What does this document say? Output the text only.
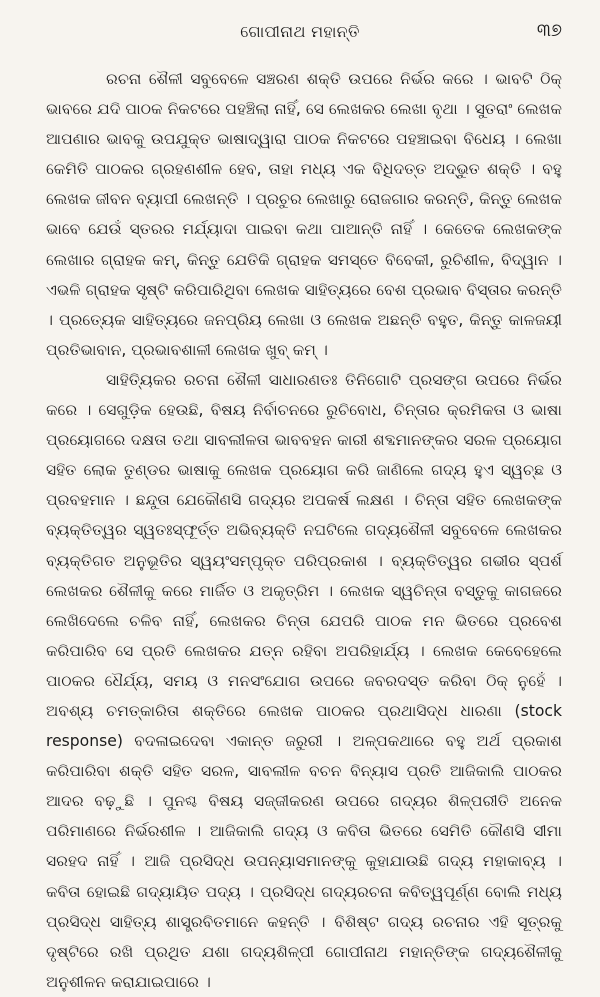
ଗୋପୀନାଥ ମହାନ୍ତି	୩୭

ରଚନା ଶୈଳୀ ସବୁବେଳେ ସଞ୍ଚରଣ ଶକ୍ତି ଉପରେ ନିର୍ଭର କରେ । ଭାବଟି ଠିକ୍ ଭାବରେ ଯଦି ପାଠକ ନିକଟରେ ପହଞ୍ଚିଲା ନାହିଁ, ସେ ଲେଖକର ଲେଖା ବୃଥା । ସୁତରାଂ ଲେଖକ ଆପଣାର ଭାବକୁ ଉପଯୁକ୍ତ ଭାଷାଦ୍ୱାରା ପାଠକ ନିକଟରେ ପହଞ୍ଚାଇବା ବିଧେୟ । ଲେଖା କେମିତି ପାଠକର ଗ୍ରହଣଶୀଳ ହେବ, ତାହା ମଧ୍ୟ ଏକ ବିଧିଦତ୍ତ ଅଦ୍ଭୁତ ଶକ୍ତି । ବହୁ ଲେଖକ ଜୀବନ ବ୍ୟାପୀ ଲେଖନ୍ତି । ପ୍ରଚୁର ଲେଖାରୁ ରୋଜଗାର କରନ୍ତି, କିନ୍ତୁ ଲେଖକ ଭାବେ ଯେଉଁ ସ୍ତରର ମର୍ଯ୍ୟାଦା ପାଇବା କଥା ପାଆନ୍ତି ନାହିଁ । କେତେକ ଲେଖକଙ୍କ ଲେଖାର ଗ୍ରାହକ କମ୍, କିନ୍ତୁ ଯେତିକି ଗ୍ରାହକ ସମସ୍ତେ ବିବେକୀ, ରୁଚିଶୀଳ, ବିଦ୍ୱାନ । ଏଭଳି ଗ୍ରାହକ ସୃଷ୍ଟି କରିପାରିଥିବା ଲେଖକ ସାହିତ୍ୟରେ ବେଶ ପ୍ରଭାବ ବିସ୍ତାର କରନ୍ତି । ପ୍ରତ୍ୟେକ ସାହିତ୍ୟରେ ଜନପ୍ରିୟ ଲେଖା ଓ ଲେଖକ ଅଛନ୍ତି ବହୁତ, କିନ୍ତୁ କାଳଜୟୀ ପ୍ରତିଭାବାନ, ପ୍ରଭାବଶାଳୀ ଲେଖକ ଖୁବ୍ କମ୍ ।

ସାହିତ୍ୟିକର ରଚନା ଶୈଳୀ ସାଧାରଣତଃ ତିନିଗୋଟି ପ୍ରସଙ୍ଗ ଉପରେ ନିର୍ଭର କରେ । ସେଗୁଡ଼ିକ ହେଉଛି, ବିଷୟ ନିର୍ବାଚନରେ ରୁଚିବୋଧ, ଚିନ୍ତାର କ୍ରମିକତା ଓ ଭାଷା ପ୍ରୟୋଗରେ ଦକ୍ଷତା ତଥା ସାବଲୀଳତା ଭାବବହନ କାରୀ ଶବ୍ଦମାନଙ୍କର ସରଳ ପ୍ରୟୋଗ ସହିତ ଲୋକ ତୁଣ୍ଡର ଭାଷାକୁ ଲେଖକ ପ୍ରୟୋଗ କରି ଜାଣିଲେ ଗଦ୍ୟ ହୁଏ ସ୍ୱଚ୍ଛ ଓ ପ୍ରବହମାନ । ଛନ୍ଦୁତା ଯେକୌଣସି ଗଦ୍ୟର ଅପକର୍ଷ ଲକ୍ଷଣ । ଚିନ୍ତା ସହିତ ଲେଖକଙ୍କ ବ୍ୟକ୍ତିତ୍ୱର ସ୍ୱତଃସ୍ଫୂର୍ତ୍ତ ଅଭିବ୍ୟକ୍ତି ନଘଟିଲେ ଗଦ୍ୟଶୈଳୀ ସବୁବେଳେ ଲେଖକର ବ୍ୟକ୍ତିଗତ ଅନୁଭୂତିର ସ୍ୱୟଂସମ୍ପୃକ୍ତ ପରିପ୍ରକାଶ । ବ୍ୟକ୍ତିତ୍ୱର ଗଭୀର ସ୍ପର୍ଶ ଲେଖକର ଶୈଳୀକୁ କରେ ମାର୍ଜିତ ଓ ଅକୃତ୍ରିମ । ଲେଖକ ସ୍ୱଚିନ୍ତା ବସ୍ତୁକୁ କାଗଜରେ ଲେଖିଦେଲେ ଚଳିବ ନାହିଁ, ଲେଖକର ଚିନ୍ତା ଯେପରି ପାଠକ ମନ ଭିତରେ ପ୍ରବେଶ କରିପାରିବ ସେ ପ୍ରତି ଲେଖକର ଯତ୍ନ ରହିବା ଅପରିହାର୍ଯ୍ୟ । ଲେଖକ କେବେହେଲେ ପାଠକର ଧୈର୍ଯ୍ୟ, ସମୟ ଓ ମନସଂଯୋଗ ଉପରେ ଜବରଦସ୍ତ କରିବା ଠିକ୍ ନୁହେଁ । ଅବଶ୍ୟ ଚମତ୍କାରିତା ଶକ୍ତିରେ ଲେଖକ ପାଠକର ପ୍ରଥାସିଦ୍ଧ ଧାରଣା (stock response) ବଦଳାଇଦେବା ଏକାନ୍ତ ଜରୁରୀ । ଅଳ୍ପକଥାରେ ବହୁ ଅର୍ଥ ପ୍ରକାଶ କରିପାରିବା ଶକ୍ତି ସହିତ ସରଳ, ସାବଲୀଳ ବଚନ ବିନ୍ୟାସ ପ୍ରତି ଆଜିକାଲି ପାଠକର ଆଦର ବଢ଼ୁଛି । ପୁନଶ୍ଚ ବିଷୟ ସଜ୍ଜୀକରଣ ଉପରେ ଗଦ୍ୟର ଶିଳ୍ପରୀତି ଅନେକ ପରିମାଣରେ ନିର୍ଭରଶୀଳ । ଆଜିକାଲି ଗଦ୍ୟ ଓ କବିତା ଭିତରେ ସେମିତି କୌଣସି ସୀମା ସରହଦ ନାହିଁ । ଆଜି ପ୍ରସିଦ୍ଧ ଉପନ୍ୟାସମାନଙ୍କୁ କୁହାଯାଉଛି ଗଦ୍ୟ ମହାକାବ୍ୟ । କବିତା ହୋଇଛି ଗଦ୍ୟାୟିତ ପଦ୍ୟ । ପ୍ରସିଦ୍ଧ ଗଦ୍ୟରଚନା କବିତ୍ୱପୂର୍ଣ୍ଣ ବୋଲି ମଧ୍ୟ ପ୍ରସିଦ୍ଧ ସାହିତ୍ୟ ଶାସ୍ତ୍ରବିତମାନେ କହନ୍ତି । ବିଶିଷ୍ଟ ଗଦ୍ୟ ରଚନାର ଏହି ସୂତ୍ରକୁ ଦୃଷ୍ଟିରେ ରଖି ପ୍ରଥିତ ଯଶା ଗଦ୍ୟଶିଳ୍ପୀ ଗୋପୀନାଥ ମହାନ୍ତିଙ୍କ ଗଦ୍ୟଶୈଳୀକୁ ଅନୁଶୀଳନ କରାଯାଇପାରେ ।
